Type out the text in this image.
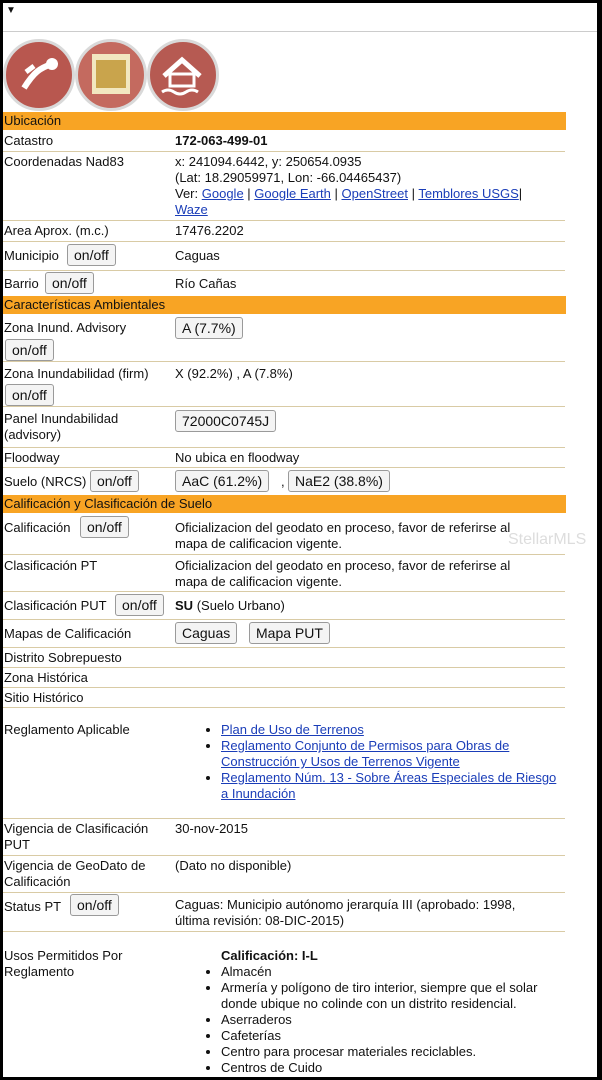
▼
Ubicación
Catastro	172-063-499-01
Coordenadas Nad83	x: 241094.6442, y: 250654.0935
(Lat: 18.29059971, Lon: -66.04465437)
Ver: Google | Google Earth | OpenStreet | Temblores USGS|
Waze
Area Aprox. (m.c.)	17476.2202
Municipio	on/off	Caguas
Barrio on/off	Río Cañas
Características Ambientales
Zona Inund. Advisory	A (7.7%)
on/off
Zona Inundabilidad (firm) X (92.2%) , A (7.8%)
on/off
Panel Inundabilidad (advisory)
72000C0745J
Floodway	No ubica en floodway
Suelo (NRCS) on/off	AaC (61.2%)	, NaE2 (38.8%)
Calificación y Clasificación de Suelo
Calificación	on/off	Oficializacion del geodato en proceso, favor de referirse al mapa de calificacion vigente.
Clasificación PT	Oficializacion del geodato en proceso, favor de referirse al mapa de calificacion vigente.
Clasificación PUT	on/off	SU (Suelo Urbano)
Mapas de Calificación	Caguas	Mapa PUT
Distrito Sobrepuesto
Zona Histórica
Sitio Histórico
Reglamento Aplicable
•	Plan de Uso de Terrenos
• Reglamento Conjunto de Permisos para Obras de Construcción y Usos de Terrenos Vigente
• Reglamento Núm. 13 - Sobre Áreas Especiales de Riesgo a Inundación
Vigencia de Clasificación PUT
30-nov-2015
Vigencia de GeoDato de Calificación
(Dato no disponible)
Status PT	on/off	Caguas: Municipio autónomo jerarquía III (aprobado: 1998, última revisión: 08-DIC-2015)
Usos Permitidos Por Reglamento
Calificación: I-L
• Almacén
• Armería y polígono de tiro interior, siempre que el solar donde ubique no colinde con un distrito residencial.
• Aserraderos
• Cafeterías
• Centro para procesar materiales reciclables.
• Centros de Cuido
StellarMLS
